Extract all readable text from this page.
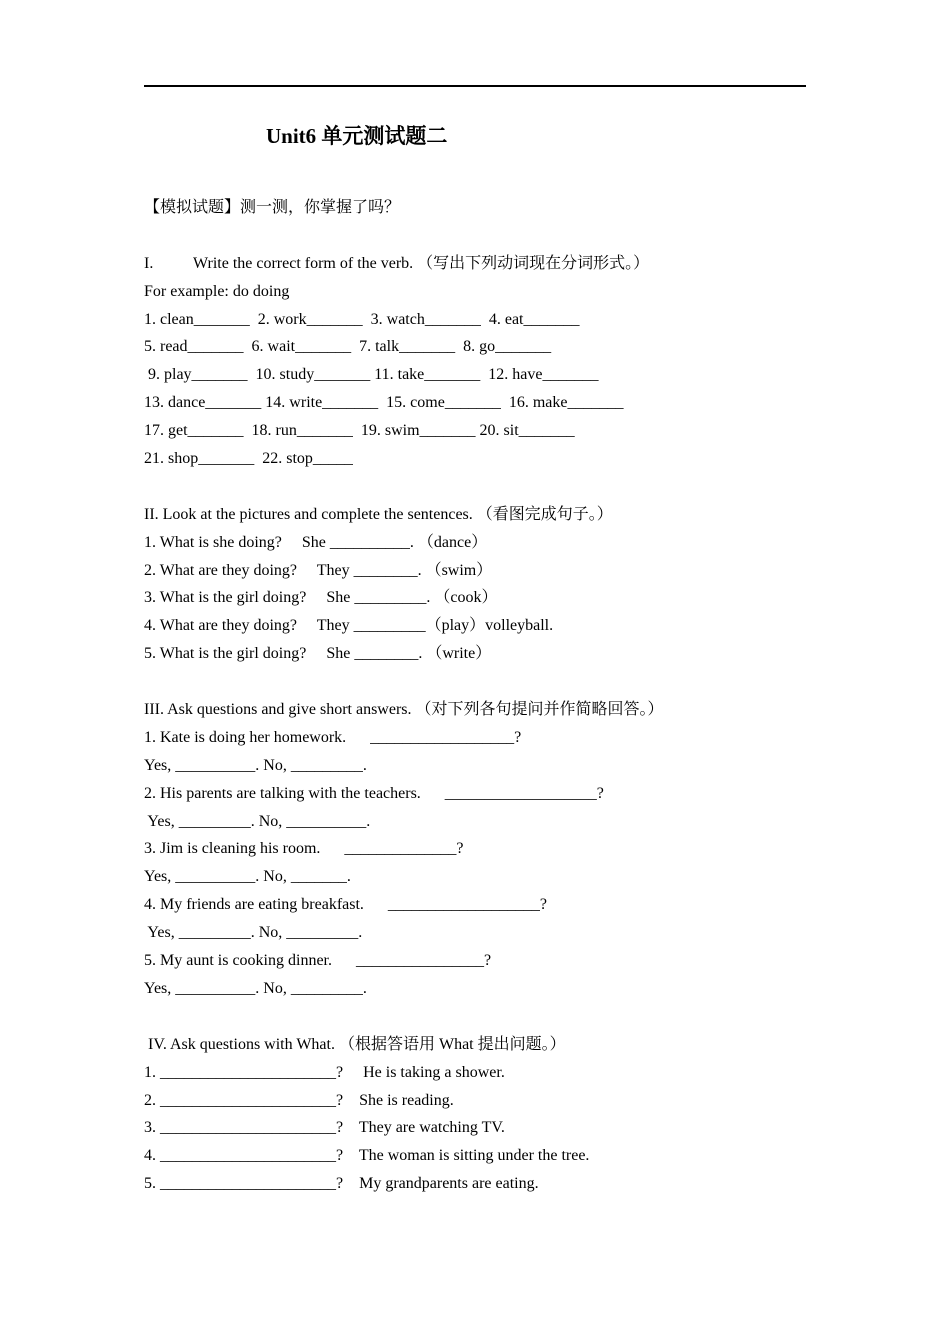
Unit6 单元测试题二
【模拟试题】测一测，你掌握了吗？
I.          Write the correct form of the verb. （写出下列动词现在分词形式。）
For example: do doing
1. clean_______  2. work_______  3. watch_______  4. eat_______
5. read_______  6. wait_______  7. talk_______  8. go_______
9. play_______  10. study_______ 11. take_______  12. have_______
13. dance_______ 14. write_______  15. come_______  16. make_______
17. get_______  18. run_______  19. swim_______ 20. sit_______
21. shop_______  22. stop_____
II. Look at the pictures and complete the sentences. （看图完成句子。）
1. What is she doing?     She __________. （dance）
2. What are they doing?     They ________. （swim）
3. What is the girl doing?     She _________. （cook）
4. What are they doing?     They _________（play）volleyball.
5. What is the girl doing?     She ________. （write）
III. Ask questions and give short answers. （对下列各句提问并作简略回答。）
1. Kate is doing her homework.      __________________?
Yes, __________. No, _________.
2. His parents are talking with the teachers.      ___________________?
Yes, _________. No, __________.
3. Jim is cleaning his room.      ______________?
Yes, __________. No, _______.
4. My friends are eating breakfast.      ___________________?
Yes, _________. No, _________.
5. My aunt is cooking dinner.      ________________?
Yes, __________. No, _________.
IV. Ask questions with What. （根据答语用 What 提出问题。）
1. ______________________?     He is taking a shower.
2. ______________________?    She is reading.
3. ______________________?    They are watching TV.
4. ______________________?    The woman is sitting under the tree.
5. ______________________?    My grandparents are eating.
